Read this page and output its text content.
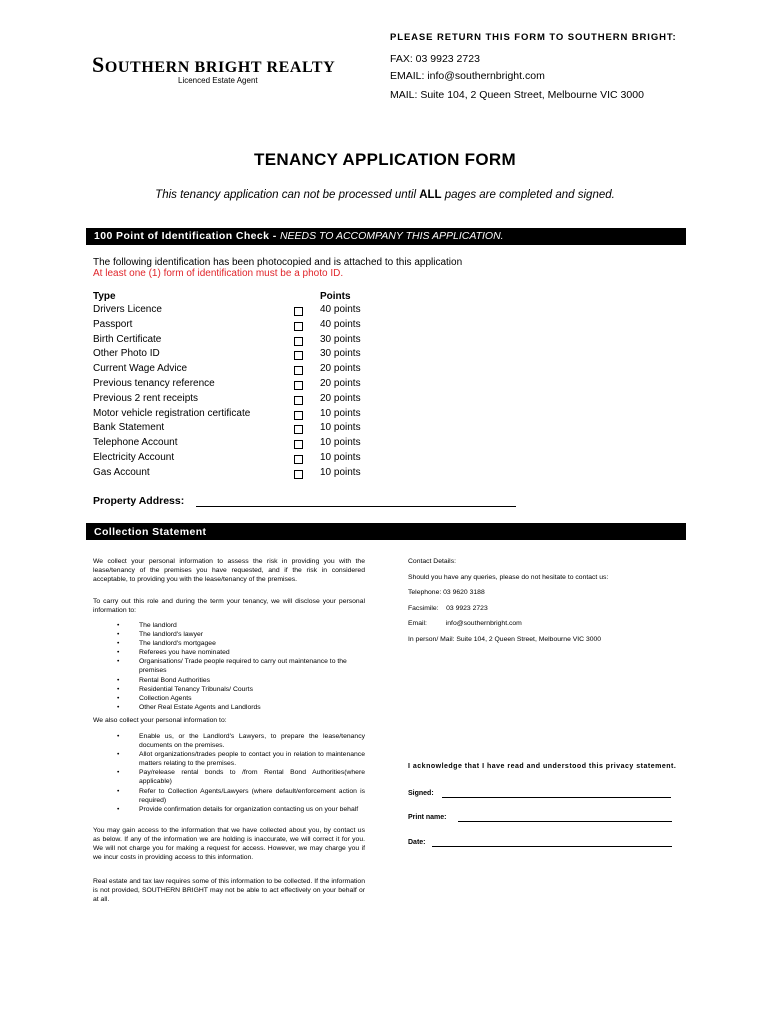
PLEASE RETURN THIS FORM TO SOUTHERN BRIGHT:
FAX: 03 9923 2723
EMAIL: info@southernbright.com
MAIL: Suite 104, 2 Queen Street, Melbourne VIC 3000
SOUTHERN BRIGHT REALTY
Licenced Estate Agent
TENANCY APPLICATION FORM
This tenancy application can not be processed until ALL pages are completed and signed.
100 Point of Identification Check - NEEDS TO ACCOMPANY THIS APPLICATION.
The following identification has been photocopied and is attached to this application
At least one (1) form of identification must be a photo ID.
Type	Points
Drivers Licence	40 points
Passport	40 points
Birth Certificate	30 points
Other Photo ID	30 points
Current Wage Advice	20 points
Previous tenancy reference	20 points
Previous 2 rent receipts	20 points
Motor vehicle registration certificate	10 points
Bank Statement	10 points
Telephone Account	10 points
Electricity Account	10 points
Gas Account	10 points
Property Address:
Collection Statement
We collect your personal information to assess the risk in providing you with the lease/tenancy of the premises you have requested, and if the risk in considered acceptable, to providing you with the lease/tenancy of the premises.
To carry out this role and during the term your tenancy, we will disclose your personal information to:
• The landlord
• The landlord's lawyer
• The landlord's mortgagee
• Referees you have nominated
• Organisations/ Trade people required to carry out maintenance to the premises
• Rental Bond Authorities
• Residential Tenancy Tribunals/ Courts
• Collection Agents
• Other Real Estate Agents and Landlords
We also collect your personal information to:
• Enable us, or the Landlord's Lawyers, to prepare the lease/tenancy documents on the premises.
• Allot organizations/trades people to contact you in relation to maintenance matters relating to the premises.
• Pay/release rental bonds to /from Rental Bond Authorities(where applicable)
• Refer to Collection Agents/Lawyers (where default/enforcement action is required)
• Provide confirmation details for organization contacting us on your behalf
You may gain access to the information that we have collected about you, by contact us as below. If any of the information we are holding is inaccurate, we will correct it for you. We will not charge you for making a request for access. However, we may charge you if we incur costs in providing access to this information.
Real estate and tax law requires some of this information to be collected. If the information is not provided, SOUTHERN BRIGHT may not be able to act effectively on your behalf or at all.
Contact Details:
Should you have any queries, please do not hesitate to contact us:
Telephone: 03 9620 3188
Facsimile:    03 9923 2723
Email:          info@southernbright.com
In person/ Mail: Suite 104, 2 Queen Street, Melbourne VIC 3000
I acknowledge that I have read and understood this privacy statement.
Signed:
Print name:
Date:
